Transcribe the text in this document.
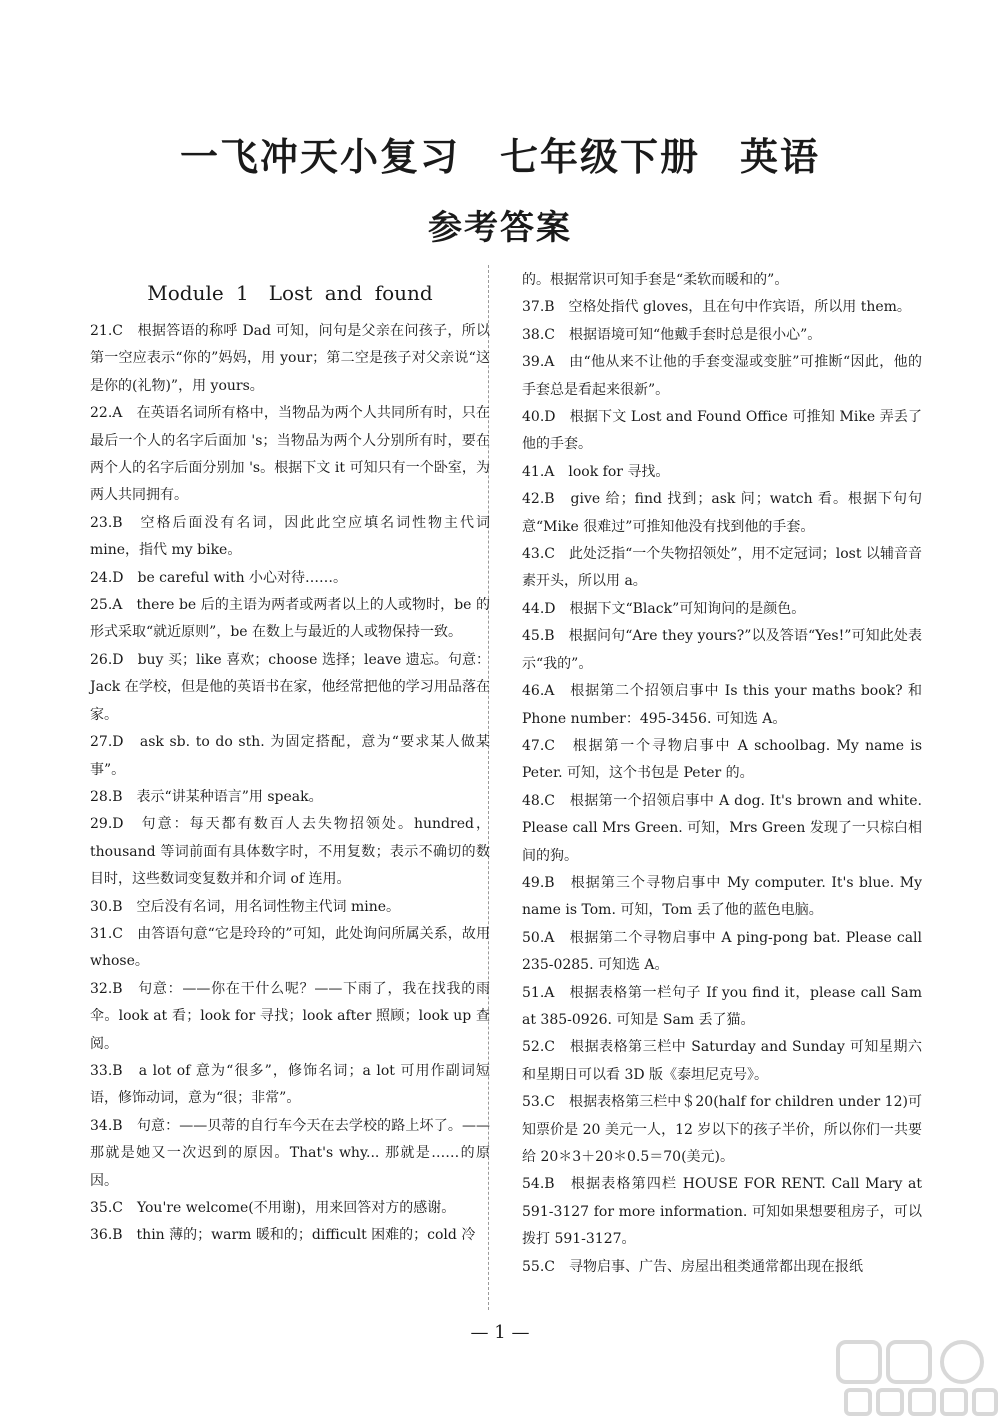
一飞冲天小复习　七年级下册　英语
参考答案
Module 1　Lost and found

21.C　根据答语的称呼 Dad 可知，问句是父亲在问孩子，所以第一空应表示“你的”妈妈，用 your；第二空是孩子对父亲说“这是你的(礼物)”，用 yours。

22.A　在英语名词所有格中，当物品为两个人共同所有时，只在最后一个人的名字后面加 's；当物品为两个人分别所有时，要在两个人的名字后面分别加 's。根据下文 it 可知只有一个卧室，为两人共同拥有。

23.B　空格后面没有名词，因此此空应填名词性物主代词 mine，指代 my bike。

24.D　be careful with 小心对待……。

25.A　there be 后的主语为两者或两者以上的人或物时，be 的形式采取“就近原则”，be 在数上与最近的人或物保持一致。

26.D　buy 买；like 喜欢；choose 选择；leave 遗忘。句意：Jack 在学校，但是他的英语书在家，他经常把他的学习用品落在家。

27.D　ask sb. to do sth. 为固定搭配，意为“要求某人做某事”。

28.B　表示“讲某种语言”用 speak。

29.D　句意：每天都有数百人去失物招领处。hundred，thousand 等词前面有具体数字时，不用复数；表示不确切的数目时，这些数词变复数并和介词 of 连用。

30.B　空后没有名词，用名词性物主代词 mine。

31.C　由答语句意“它是玲玲的”可知，此处询问所属关系，故用 whose。

32.B　句意：——你在干什么呢？——下雨了，我在找我的雨伞。look at 看；look for 寻找；look after 照顾；look up 查阅。

33.B　a lot of 意为“很多”，修饰名词；a lot 可用作副词短语，修饰动词，意为“很；非常”。

34.B　句意：——贝蒂的自行车今天在去学校的路上坏了。——那就是她又一次迟到的原因。That's why... 那就是……的原因。

35.C　You're welcome(不用谢)，用来回答对方的感谢。

36.B　thin 薄的；warm 暖和的；difficult 困难的；cold 冷

的。根据常识可知手套是“柔软而暖和的”。

37.B　空格处指代 gloves，且在句中作宾语，所以用 them。

38.C　根据语境可知“他戴手套时总是很小心”。

39.A　由“他从来不让他的手套变湿或变脏”可推断“因此，他的手套总是看起来很新”。

40.D　根据下文 Lost and Found Office 可推知 Mike 弄丢了他的手套。

41.A　look for 寻找。

42.B　give 给；find 找到；ask 问；watch 看。根据下句句意“Mike 很难过”可推知他没有找到他的手套。

43.C　此处泛指“一个失物招领处”，用不定冠词；lost 以辅音音素开头，所以用 a。

44.D　根据下文“Black”可知询问的是颜色。

45.B　根据问句“Are they yours?”以及答语“Yes!”可知此处表示“我的”。

46.A　根据第二个招领启事中 Is this your maths book? 和 Phone number：495-3456. 可知选 A。

47.C　根据第一个寻物启事中 A schoolbag. My name is Peter. 可知，这个书包是 Peter 的。

48.C　根据第一个招领启事中 A dog. It's brown and white. Please call Mrs Green. 可知，Mrs Green 发现了一只棕白相间的狗。

49.B　根据第三个寻物启事中 My computer. It's blue. My name is Tom. 可知，Tom 丢了他的蓝色电脑。

50.A　根据第二个寻物启事中 A ping-pong bat. Please call 235-0285. 可知选 A。

51.A　根据表格第一栏句子 If you find it，please call Sam at 385-0926. 可知是 Sam 丢了猫。

52.C　根据表格第三栏中 Saturday and Sunday 可知星期六和星期日可以看 3D 版《泰坦尼克号》。

53.C　根据表格第三栏中＄20(half for children under 12)可知票价是 20 美元一人，12 岁以下的孩子半价，所以你们一共要给 20＊3＋20＊0.5＝70(美元)。

54.B　根据表格第四栏 HOUSE FOR RENT. Call Mary at 591-3127 for more information. 可知如果想要租房子，可以拨打 591-3127。

55.C　寻物启事、广告、房屋出租类通常都出现在报纸

— 1 —
